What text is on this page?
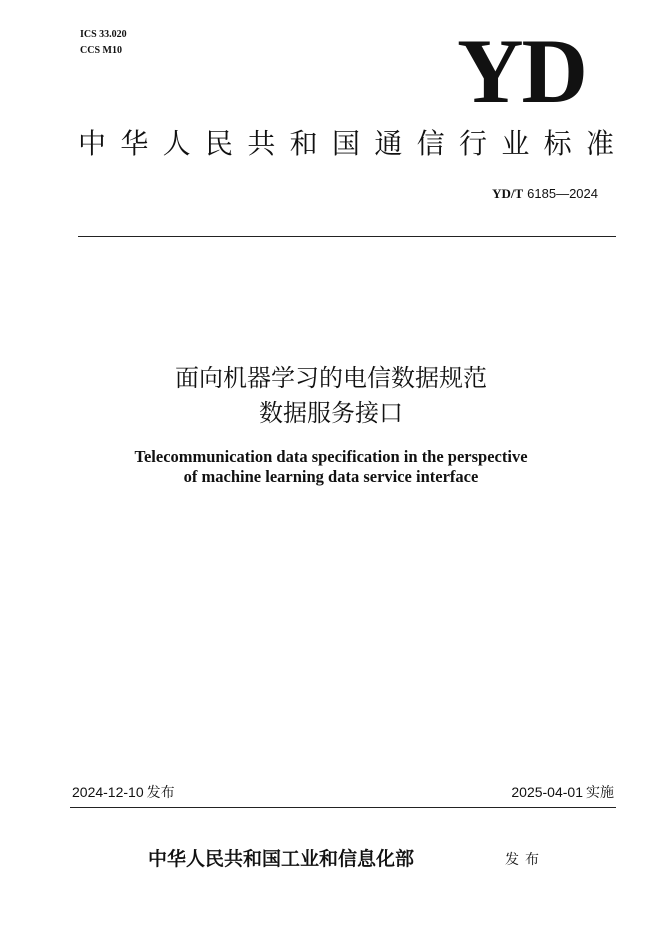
ICS 33.020
CCS M10	YD
中华人民共和国通信行业标准
YD/T 6185—2024
面向机器学习的电信数据规范
数据服务接口
Telecommunication data specification in the perspective
of machine learning data service interface
2024-12-10 发布	2025-04-01 实施
中华人民共和国工业和信息化部	发布
